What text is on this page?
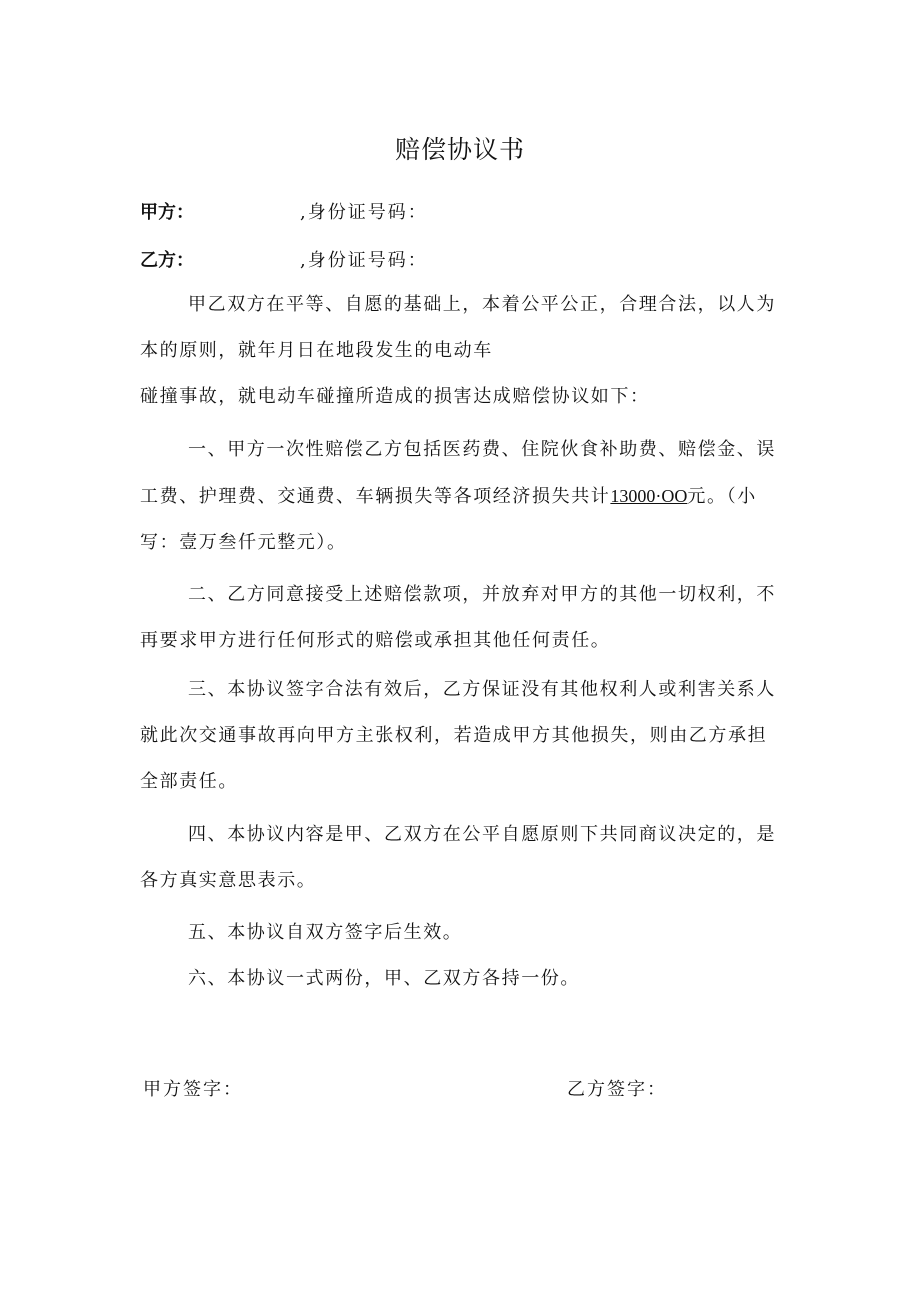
赔偿协议书
甲方：	,身份证号码：
乙方：	,身份证号码：
甲乙双方在平等、自愿的基础上，本着公平公正，合理合法，以人为
本的原则，就年月日在地段发生的电动车
碰撞事故，就电动车碰撞所造成的损害达成赔偿协议如下：
一、甲方一次性赔偿乙方包括医药费、住院伙食补助费、赔偿金、误
工费、护理费、交通费、车辆损失等各项经济损失共计13000·OO元。（小
写：壹万叁仟元整元）。
二、乙方同意接受上述赔偿款项，并放弃对甲方的其他一切权利，不
再要求甲方进行任何形式的赔偿或承担其他任何责任。
三、本协议签字合法有效后，乙方保证没有其他权利人或利害关系人
就此次交通事故再向甲方主张权利，若造成甲方其他损失，则由乙方承担
全部责任。
四、本协议内容是甲、乙双方在公平自愿原则下共同商议决定的，是
各方真实意思表示。
五、本协议自双方签字后生效。
六、本协议一式两份，甲、乙双方各持一份。
甲方签字：	乙方签字：
